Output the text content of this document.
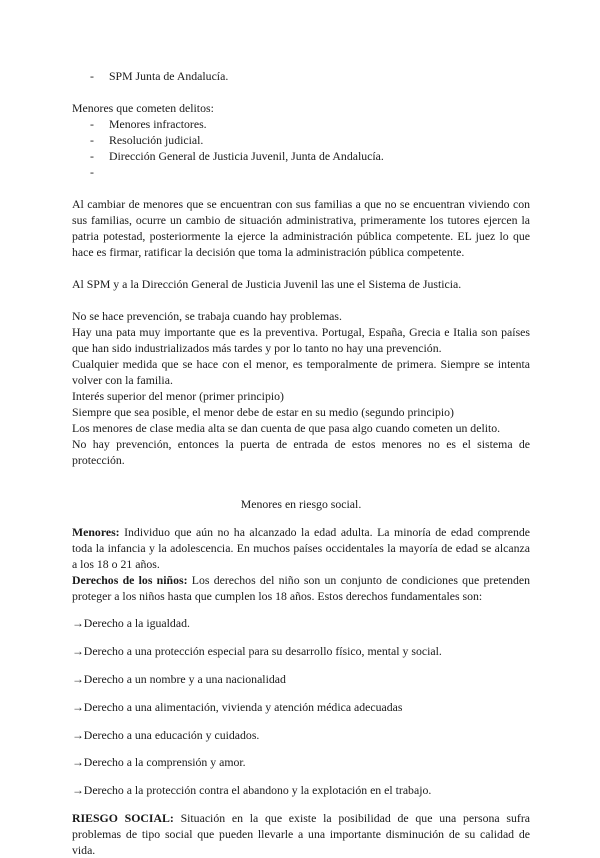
- SPM Junta de Andalucía.

Menores que cometen delitos:

- Menores infractores.
- Resolución judicial.
- Dirección General de Justicia Juvenil, Junta de Andalucía.
-

Al cambiar de menores que se encuentran con sus familias a que no se encuentran viviendo con sus familias, ocurre un cambio de situación administrativa, primeramente los tutores ejercen la patria potestad, posteriormente la ejerce la administración pública competente. EL juez lo que hace es firmar, ratificar la decisión que toma la administración pública competente.

Al SPM y a la Dirección General de Justicia Juvenil las une el Sistema de Justicia.

No se hace prevención, se trabaja cuando hay problemas.

Hay una pata muy importante que es la preventiva. Portugal, España, Grecia e Italia son países que han sido industrializados más tardes y por lo tanto no hay una prevención.

Cualquier medida que se hace con el menor, es temporalmente de primera. Siempre se intenta volver con la familia.

Interés superior del menor (primer principio)

Siempre que sea posible, el menor debe de estar en su medio (segundo principio)

Los menores de clase media alta se dan cuenta de que pasa algo cuando cometen un delito.

No hay prevención, entonces la puerta de entrada de estos menores no es el sistema de protección.

Menores en riesgo social.

Menores: Individuo que aún no ha alcanzado la edad adulta. La minoría de edad comprende toda la infancia y la adolescencia. En muchos países occidentales la mayoría de edad se alcanza a los 18 o 21 años.

Derechos de los niños: Los derechos del niño son un conjunto de condiciones que pretenden proteger a los niños hasta que cumplen los 18 años. Estos derechos fundamentales son:

→Derecho a la igualdad.

→Derecho a una protección especial para su desarrollo físico, mental y social.

→Derecho a un nombre y a una nacionalidad

→Derecho a una alimentación, vivienda y atención médica adecuadas

→Derecho a una educación y cuidados.

→Derecho a la comprensión y amor.

→Derecho a la protección contra el abandono y la explotación en el trabajo.

RIESGO SOCIAL: Situación en la que existe la posibilidad de que una persona sufra problemas de tipo social que pueden llevarle a una importante disminución de su calidad de vida.
